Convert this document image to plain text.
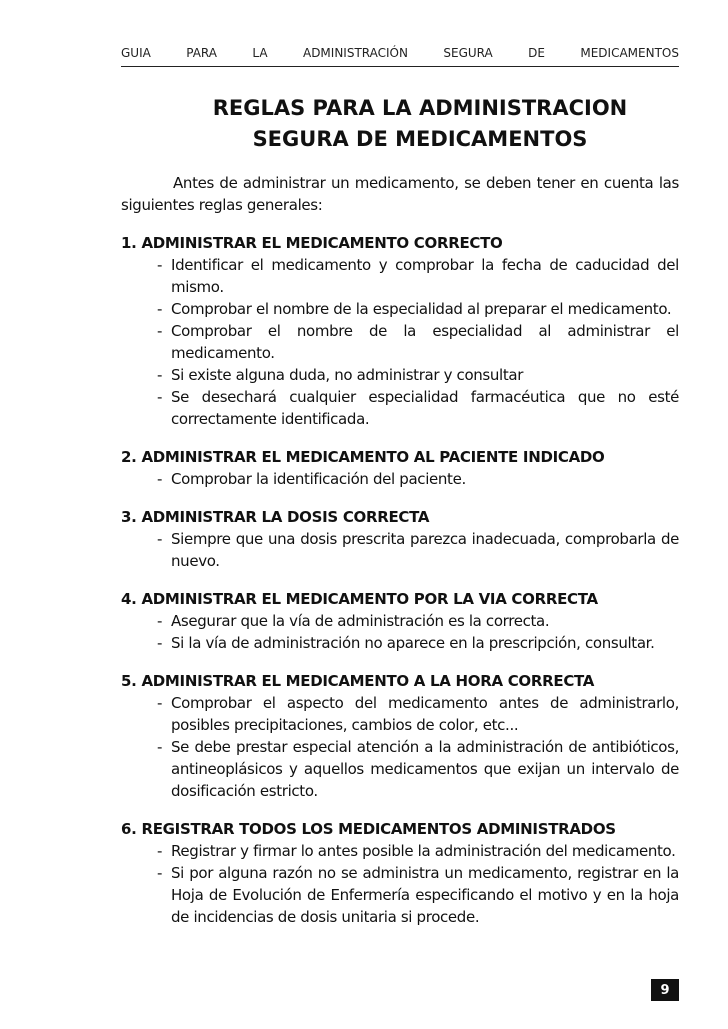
GUIA	PARA	LA	ADMINISTRACIÓN	SEGURA	DE	MEDICAMENTOS
REGLAS PARA LA ADMINISTRACION
SEGURA DE MEDICAMENTOS

Antes de administrar un medicamento, se deben tener en cuenta las siguientes reglas generales:

1. ADMINISTRAR EL MEDICAMENTO CORRECTO

- Identificar el medicamento y comprobar la fecha de caducidad del mismo.
- Comprobar el nombre de la especialidad al preparar el medicamento.
- Comprobar el nombre de la especialidad al administrar el medicamento.
- Si existe alguna duda, no administrar y consultar
- Se desechará cualquier especialidad farmacéutica que no esté correctamente identificada.

2. ADMINISTRAR EL MEDICAMENTO AL PACIENTE INDICADO

- Comprobar la identificación del paciente.

3. ADMINISTRAR LA DOSIS CORRECTA

- Siempre que una dosis prescrita parezca inadecuada, comprobarla de nuevo.

4. ADMINISTRAR EL MEDICAMENTO POR LA VIA CORRECTA

- Asegurar que la vía de administración es la correcta.
- Si la vía de administración no aparece en la prescripción, consultar.

5. ADMINISTRAR EL MEDICAMENTO A LA HORA CORRECTA

- Comprobar el aspecto del medicamento antes de administrarlo, posibles precipitaciones, cambios de color, etc...
- Se debe prestar especial atención a la administración de antibióticos, antineoplásicos y aquellos medicamentos que exijan un intervalo de dosificación estricto.

6. REGISTRAR TODOS LOS MEDICAMENTOS ADMINISTRADOS

- Registrar y firmar lo antes posible la administración del medicamento.
- Si por alguna razón no se administra un medicamento, registrar en la Hoja de Evolución de Enfermería especificando el motivo y en la hoja de incidencias de dosis unitaria si procede.
9
